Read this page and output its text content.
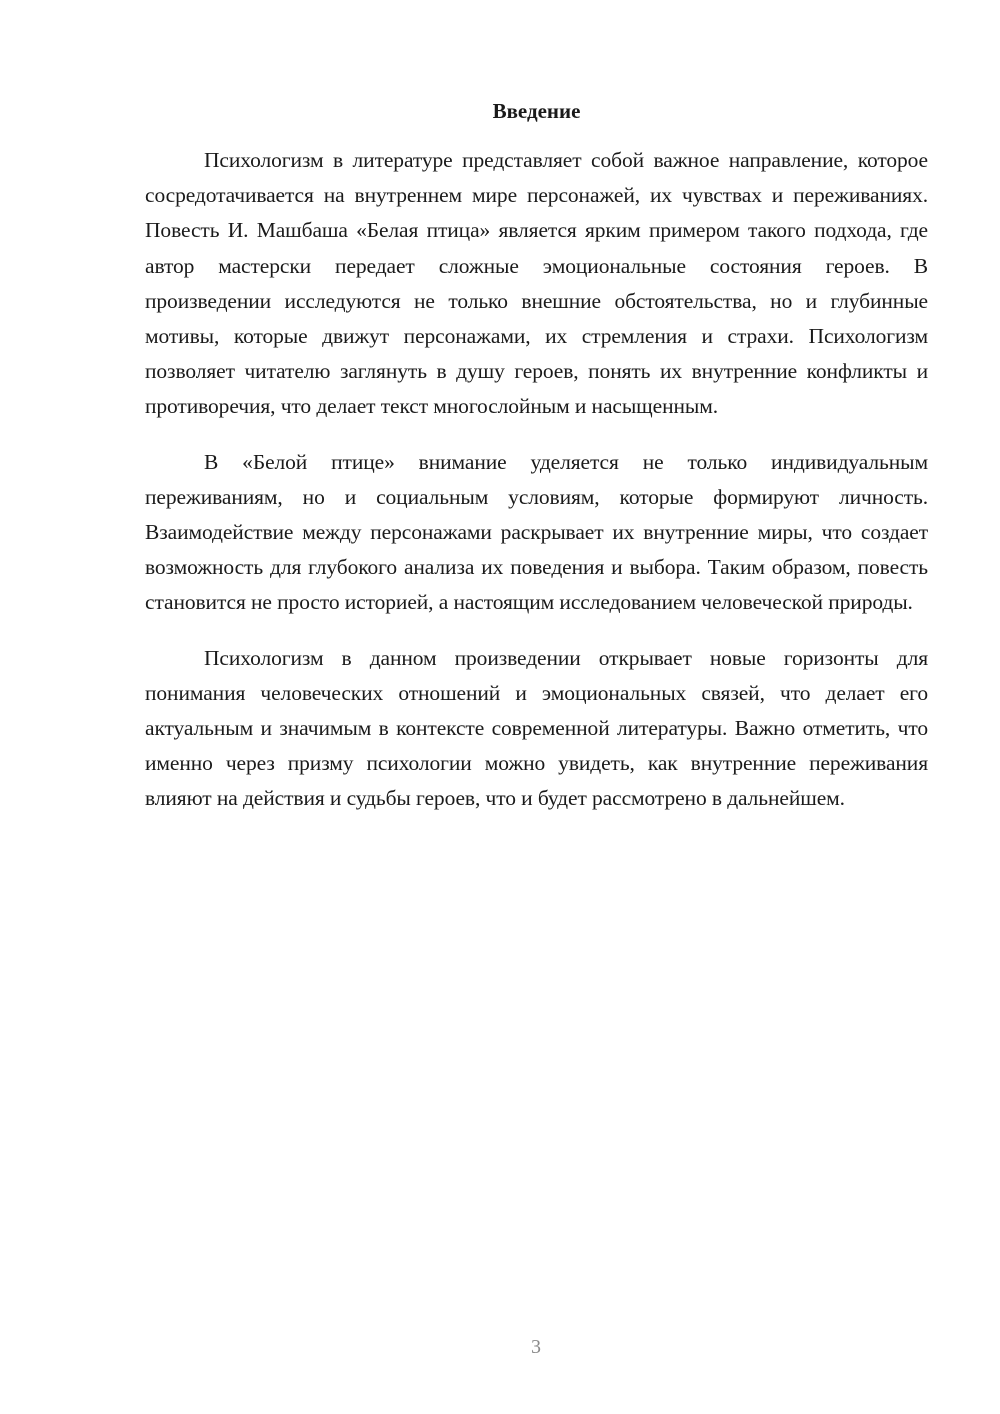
Введение

Психологизм в литературе представляет собой важное направление, которое сосредотачивается на внутреннем мире персонажей, их чувствах и переживаниях. Повесть И. Машбаша «Белая птица» является ярким примером такого подхода, где автор мастерски передает сложные эмоциональные состояния героев. В произведении исследуются не только внешние обстоятельства, но и глубинные мотивы, которые движут персонажами, их стремления и страхи. Психологизм позволяет читателю заглянуть в душу героев, понять их внутренние конфликты и противоречия, что делает текст многослойным и насыщенным.

В «Белой птице» внимание уделяется не только индивидуальным переживаниям, но и социальным условиям, которые формируют личность. Взаимодействие между персонажами раскрывает их внутренние миры, что создает возможность для глубокого анализа их поведения и выбора. Таким образом, повесть становится не просто историей, а настоящим исследованием человеческой природы.

Психологизм в данном произведении открывает новые горизонты для понимания человеческих отношений и эмоциональных связей, что делает его актуальным и значимым в контексте современной литературы. Важно отметить, что именно через призму психологии можно увидеть, как внутренние переживания влияют на действия и судьбы героев, что и будет рассмотрено в дальнейшем.

3
